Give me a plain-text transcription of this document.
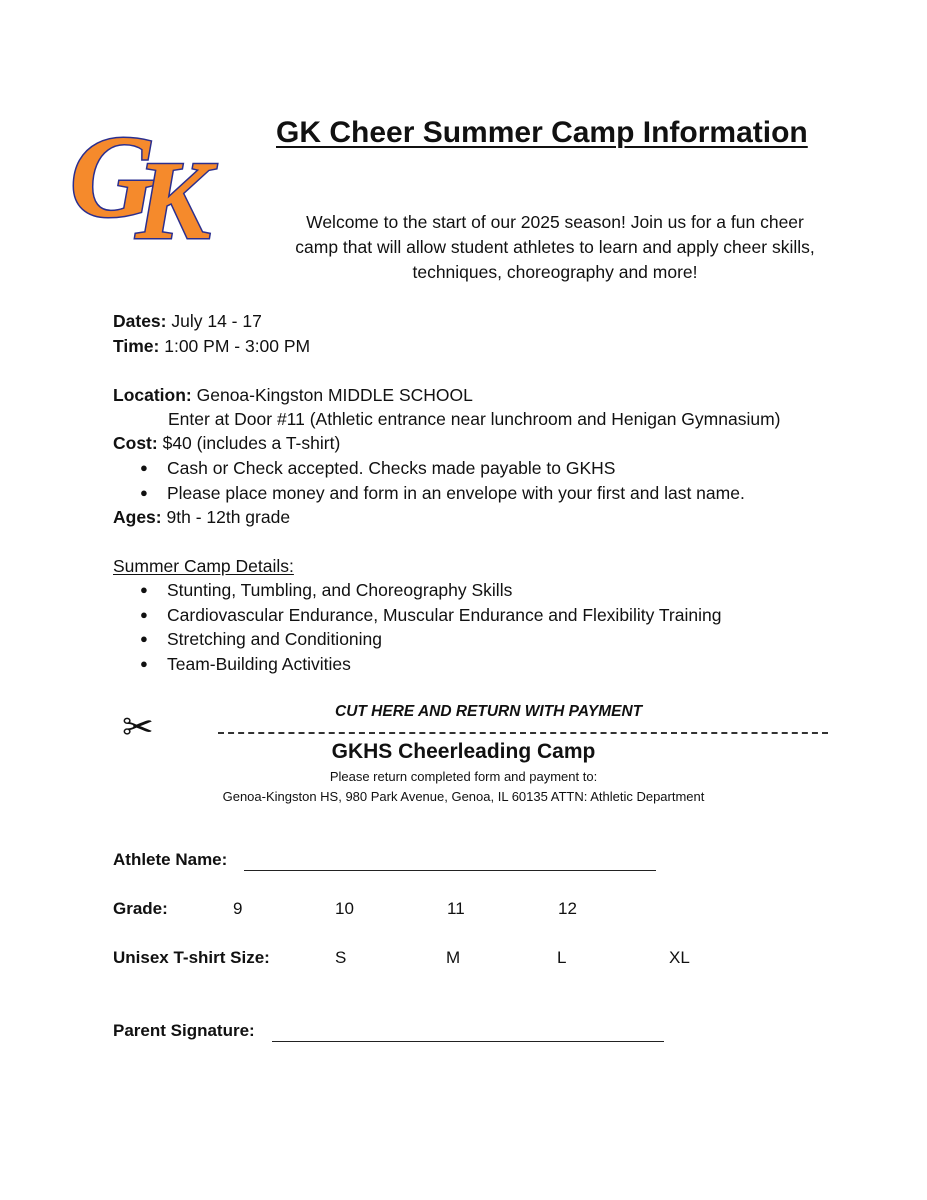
G
K
GK Cheer Summer Camp Information
Welcome to the start of our 2025 season! Join us for a fun cheer
camp that will allow student athletes to learn and apply cheer skills,
techniques, choreography and more!
Dates: July 14 - 17
Time: 1:00 PM - 3:00 PM
Location: Genoa-Kingston MIDDLE SCHOOL
Enter at Door #11 (Athletic entrance near lunchroom and Henigan Gymnasium)
Cost: $40 (includes a T-shirt)
● Cash or Check accepted. Checks made payable to GKHS
● Please place money and form in an envelope with your first and last name.
Ages: 9th - 12th grade
Summer Camp Details:
● Stunting, Tumbling, and Choreography Skills
● Cardiovascular Endurance, Muscular Endurance and Flexibility Training
● Stretching and Conditioning
● Team-Building Activities
✂	CUT HERE AND RETURN WITH PAYMENT
GKHS Cheerleading Camp
Please return completed form and payment to:
Genoa-Kingston HS, 980 Park Avenue, Genoa, IL 60135 ATTN: Athletic Department
Athlete Name:
Grade:	9	10	11	12
Unisex T-shirt Size:	S	M	L	XL
Parent Signature:
